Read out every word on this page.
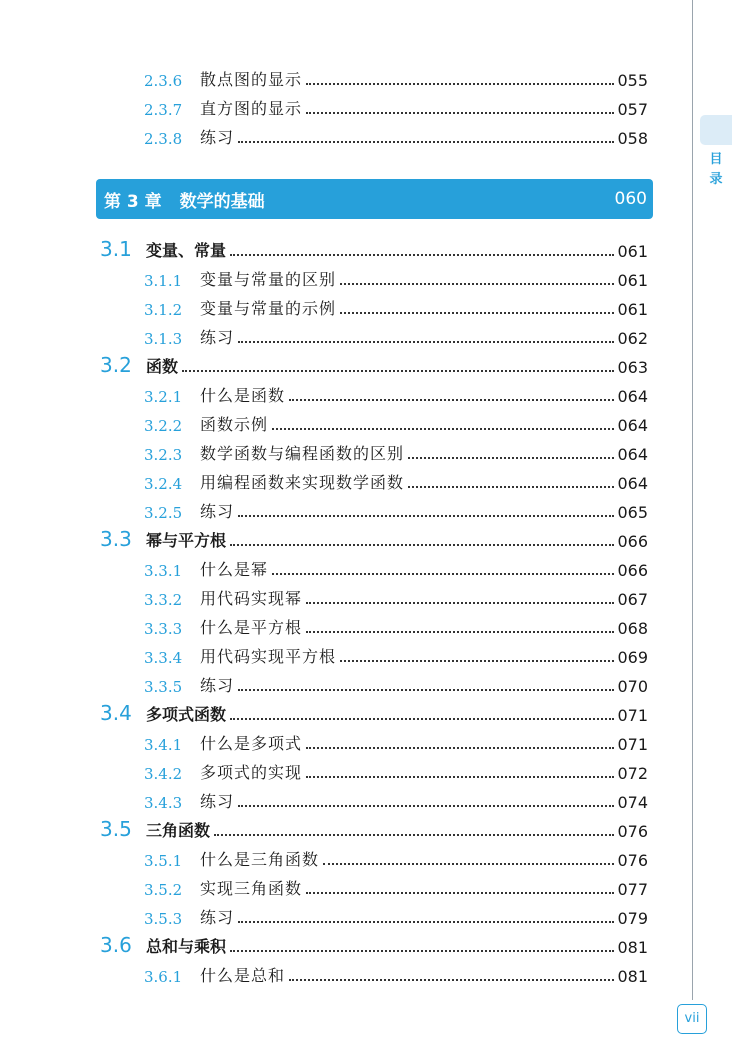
目
录
2.3.6	散点图的显示	055
2.3.7	直方图的显示	057
2.3.8	练习	058
第 3 章 数学的基础	060
3.1 变量、常量	061
3.1.1	变量与常量的区别	061
3.1.2	变量与常量的示例	061
3.1.3	练习	062
3.2 函数	063
3.2.1	什么是函数	064
3.2.2	函数示例	064
3.2.3	数学函数与编程函数的区别	064
3.2.4	用编程函数来实现数学函数	064
3.2.5	练习	065
3.3 幂与平方根	066
3.3.1	什么是幂	066
3.3.2	用代码实现幂	067
3.3.3	什么是平方根	068
3.3.4	用代码实现平方根	069
3.3.5	练习	070
3.4 多项式函数	071
3.4.1	什么是多项式	071
3.4.2	多项式的实现	072
3.4.3	练习	074
3.5 三角函数	076
3.5.1	什么是三角函数	076
3.5.2	实现三角函数	077
3.5.3	练习	079
3.6 总和与乘积	081
3.6.1	什么是总和	081
vii
